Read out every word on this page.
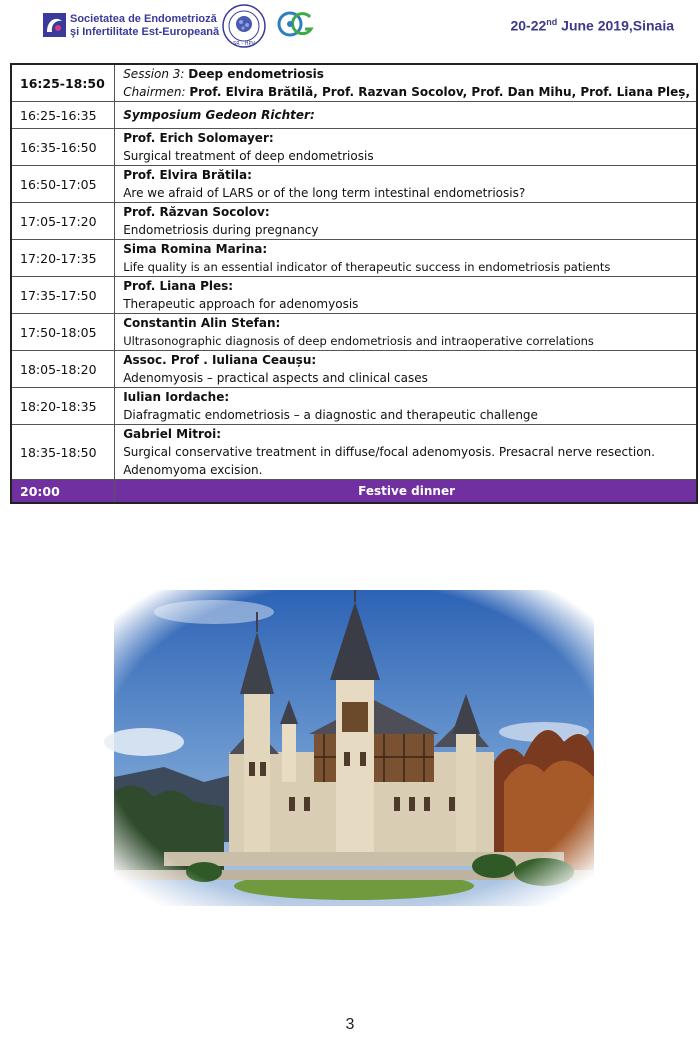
Societatea de Endometrioză
şi Infertilitate Est-Europeană
SR - HPV
20-22nd June 2019,Sinaia
16:25-18:50	Session 3: Deep endometriosis
Chairmen: Prof. Elvira Brătilă, Prof. Razvan Socolov, Prof. Dan Mihu, Prof. Liana Pleș,

16:25-16:35	Symposium Gedeon Richter:
16:35-16:50	Prof. Erich Solomayer:
Surgical treatment of deep endometriosis

16:50-17:05	Prof. Elvira Brătila:
Are we afraid of LARS or of the long term intestinal endometriosis?

17:05-17:20	Prof. Răzvan Socolov:
Endometriosis during pregnancy

17:20-17:35	Sima Romina Marina:
Life quality is an essential indicator of therapeutic success in endometriosis patients

17:35-17:50	Prof. Liana Ples:
Therapeutic approach for adenomyosis

17:50-18:05	Constantin Alin Stefan:
Ultrasonographic diagnosis of deep endometriosis and intraoperative correlations

18:05-18:20	Assoc. Prof . Iuliana Ceaușu:
Adenomyosis – practical aspects and clinical cases

18:20-18:35	Iulian Iordache:
Diafragmatic endometriosis – a diagnostic and therapeutic challenge

18:35-18:50	Gabriel Mitroi:
Surgical conservative treatment in diffuse/focal adenomyosis. Presacral nerve resection. Adenomyoma excision.

20:00	Festive dinner
3
